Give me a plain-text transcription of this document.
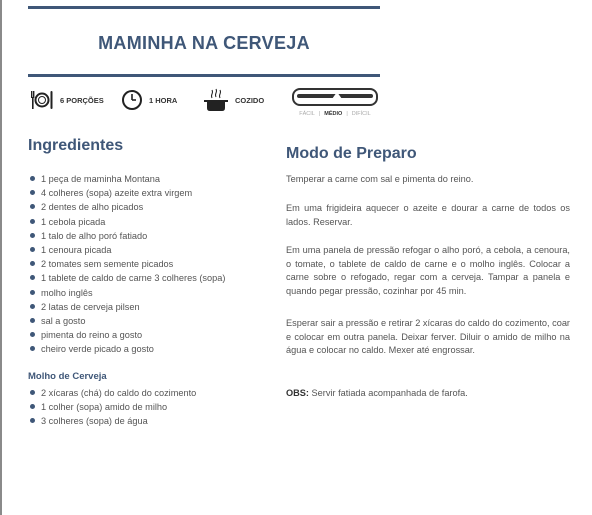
MAMINHA NA CERVEJA
6 PORÇÕES	1 HORA	COZIDO
FÁCIL | MÉDIO | DIFÍCIL
Ingredientes
1 peça de maminha Montana
4 colheres (sopa) azeite extra virgem
2 dentes de alho picados
1 cebola picada
1 talo de alho poró fatiado
1 cenoura picada
2 tomates sem semente picados
1 tablete de caldo de carne 3 colheres (sopa)
molho inglês
2 latas de cerveja pilsen
sal a gosto
pimenta do reino a gosto
cheiro verde picado a gosto
Molho de Cerveja
2 xícaras (chá) do caldo do cozimento
1 colher (sopa) amido de milho
3 colheres (sopa) de água
Modo de Preparo

Temperar a carne com sal e pimenta do reino.

Em uma frigideira aquecer o azeite e dourar a carne de todos os lados. Reservar.

Em uma panela de pressão refogar o alho poró, a cebola, a cenoura, o tomate, o tablete de caldo de carne e o molho inglês. Colocar a carne sobre o refogado, regar com a cerveja. Tampar a panela e quando pegar pressão, cozinhar por 45 min.

Esperar sair a pressão e retirar 2 xícaras do caldo do cozimento, coar e colocar em outra panela. Deixar ferver. Diluir o amido de milho na água e colocar no caldo. Mexer até engrossar.

OBS: Servir fatiada acompanhada de farofa.
